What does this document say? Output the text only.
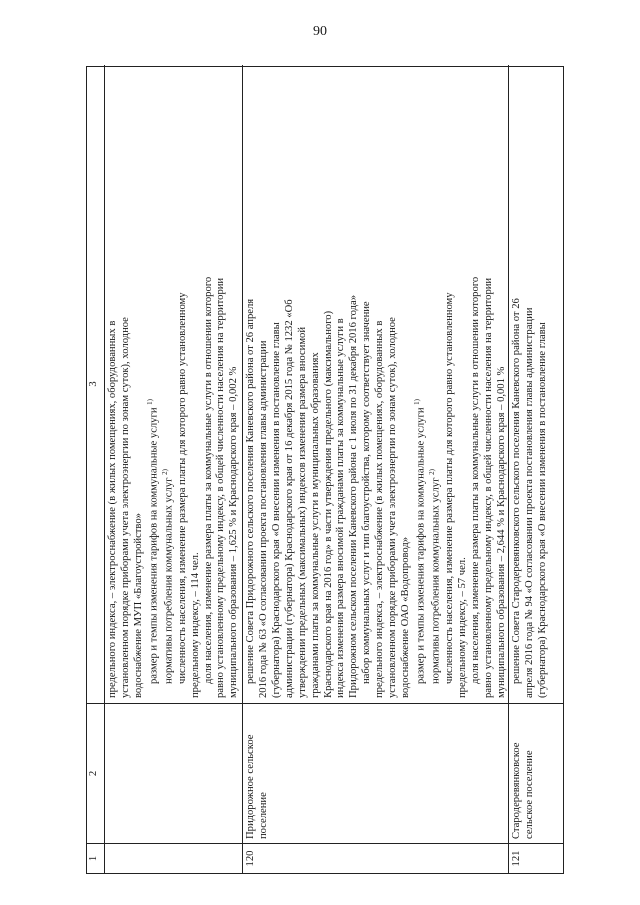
90
1
2
3 предельного индекса, – электроснабжение (в жилых помещениях, оборудованных в установленном порядке приборами учета электроэнергии по зонам суток), холодное водоснабжение МУП «Благоустройство» размер и темпы изменения тарифов на коммунальные услуги $^{1)}$
нормативы потребления коммунальных услуг $^{2)}$ численность населения, изменение размера платы для которого равно установленному предельному индексу, – 114 чел. доля населения, изменение размера платы за коммунальные услуги в отношении которого равно установленному предельному индексу, в общей численности населения на территории муниципального образования – 1,625 % и Краснодарского края – 0,002 %
120
Придорожное сельское поселение
решение Совета Придорожного сельского поселения Каневского района от 26 апреля 2016 года № 63 «О согласовании проекта постановления главы администрации (губернатора) Краснодарского края «О внесении изменения в постановление главы администрации (губернатора) Краснодарского края от 16 декабря 2015 года № 1232 «Об утверждении предельных (максимальных) индексов изменения размера вносимой гражданами платы за коммунальные услуги в муниципальных образованиях Краснодарского края на 2016 год» в части утверждения предельного (максимального) индекса изменения размера вносимой гражданами платы за коммунальные услуги в Придорожном сельском поселении Каневского района с 1 июля по 31 декабря 2016 года» набор коммунальных услуг и тип благоустройства, которому соответствует значение предельного индекса, – электроснабжение (в жилых помещениях, оборудованных в установленном порядке приборами учета электроэнергии по зонам суток), холодное водоснабжение ОАО «Водопровод» размер и темпы изменения тарифов на коммунальные услуги $^{1)}$
нормативы потребления коммунальных услуг $^{2)}$ численность населения, изменение размера платы для которого равно установленному предельному индексу, – 57 чел. доля населения, изменение размера платы за коммунальные услуги в отношении которого равно установленному предельному индексу, в общей численности населения на территории муниципального образования – 2,644 % и Краснодарского края – 0,001 %
121
Стародеревянковское сельское поселение
решение Совета Стародеревянковского сельского поселения Каневского района от 26 апреля 2016 года № 94 «О согласовании проекта постановления главы администрации (губернатора) Краснодарского края «О внесении изменения в постановление главы
